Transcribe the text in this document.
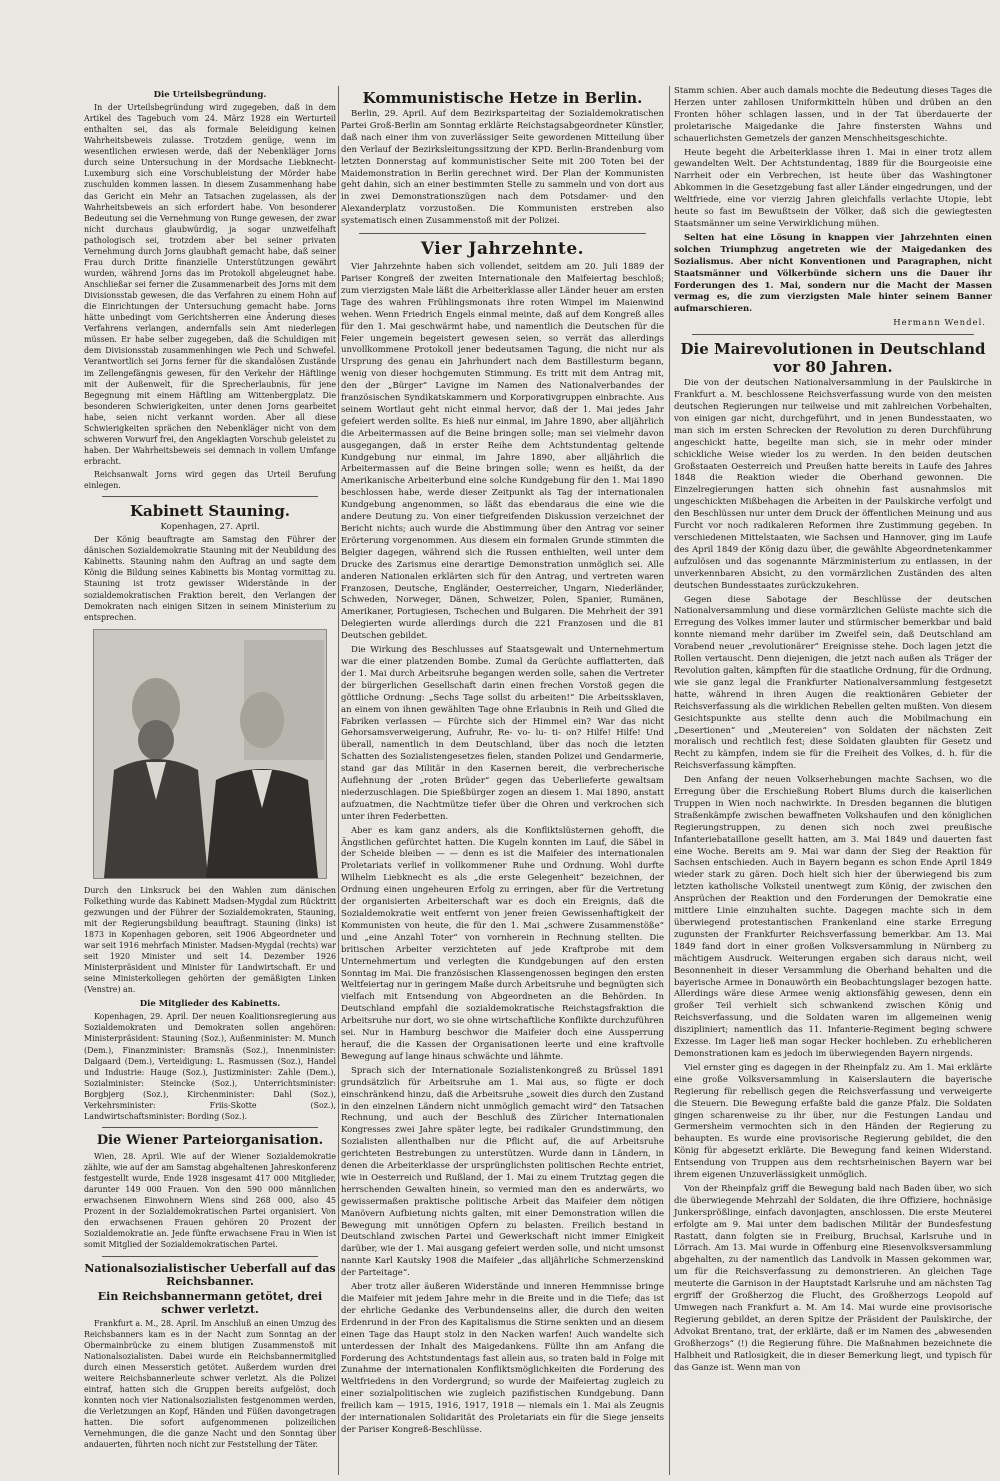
Die Urteilsbegründung.

In der Urteilsbegründung wird zugegeben, daß in dem Artikel des Tagebuch vom 24. März 1928 ein Werturteil enthalten sei, das als formale Beleidigung keinen Wahrheitsbeweis zulasse. Trotzdem genüge, wenn im wesentlichen erwiesen werde, daß der Nebenkläger Jorns durch seine Untersuchung in der Mordsache Liebknecht-Luxemburg sich eine Vorschubleistung der Mörder habe zuschulden kommen lassen. In diesem Zusammenhang habe das Gericht ein Mehr an Tatsachen zugelassen, als der Wahrheitsbeweis an sich erfordert habe. Von besonderer Bedeutung sei die Vernehmung von Runge gewesen, der zwar nicht durchaus glaubwürdig, ja sogar unzweifelhaft pathologisch sei, trotzdem aber bei seiner privaten Vernehmung durch Jorns glaubhaft gemacht habe, daß seiner Frau durch Dritte finanzielle Unterstützungen gewährt wurden, während Jorns das im Protokoll abgeleugnet habe. Anschließar sei ferner die Zusammenarbeit des Jorns mit dem Divisionsstab gewesen, die das Verfahren zu einem Hohn auf die Einrichtungen der Untersuchung gemacht habe. Jorns hätte unbedingt vom Gerichtsherren eine Änderung dieses Verfahrens verlangen, andernfalls sein Amt niederlegen müssen. Er habe selber zugegeben, daß die Schuldigen mit dem Divisionsstab zusammenhingen wie Pech und Schwefel. Verantwortlich sei Jorns ferner für die skandalösen Zustände im Zellengefängnis gewesen, für den Verkehr der Häftlinge mit der Außenwelt, für die Sprecherlaubnis, für jene Begegnung mit einem Häftling am Wittenbergplatz. Die besonderen Schwierigkeiten, unter denen Jorns gearbeitet habe, seien nicht verkannt worden. Aber all diese Schwierigkeiten sprächen den Nebenkläger nicht von dem schweren Vorwurf frei, den Angeklagten Vorschub geleistet zu haben. Der Wahrheitsbeweis sei demnach in vollem Umfange erbracht.

Reichsanwalt Jorns wird gegen das Urteil Berufung einlegen.

Kabinett Stauning.
Kopenhagen, 27. April.

Der König beauftragte am Samstag den Führer der dänischen Sozialdemokratie Stauning mit der Neubildung des Kabinetts. Stauning nahm den Auftrag an und sagte dem König die Bildung seines Kabinetts bis Montag vormittag zu. Stauning ist trotz gewisser Widerstände in der sozialdemokratischen Fraktion bereit, den Verlangen der Demokraten nach einigen Sitzen in seinem Ministerium zu entsprechen.

Durch den Linksruck bei den Wahlen zum dänischen Folkething wurde das Kabinett Madsen-Mygdal zum Rücktritt gezwungen und der Führer der Sozialdemokraten, Stauning, mit der Regierungsbildung beauftragt. Stauning (links) ist 1873 in Kopenhagen geboren, seit 1906 Abgeordneter und war seit 1916 mehrfach Minister. Madsen-Mygdal (rechts) war seit 1920 Minister und seit 14. Dezember 1926 Ministerpräsident und Minister für Landwirtschaft. Er und seine Ministerkollegen gehörten der gemäßigten Linken (Venstre) an.
Die Mitglieder des Kabinetts.

Kopenhagen, 29. April. Der neuen Koalitionsregierung aus Sozialdemokraten und Demokraten sollen angehören: Ministerpräsident: Stauning (Soz.), Außenminister: M. Munch (Dem.), Finanzminister: Bramsnäs (Soz.), Innenminister: Dalgaard (Dem.), Verteidigung: L. Rasmussen (Soz.), Handel und Industrie: Hauge (Soz.), Justizminister: Zahle (Dem.), Sozialminister: Steincke (Soz.), Unterrichtsminister: Borgbjerg (Soz.), Kirchenminister: Dahl (Soz.), Verkehrsminister: Friis-Skotte (Soz.), Landwirtschaftsminister: Bording (Soz.).

Die Wiener Parteiorganisation.

Wien, 28. April. Wie auf der Wiener Sozialdemokratie zählte, wie auf der am Samstag abgehaltenen Jahreskonferenz festgestellt wurde, Ende 1928 insgesamt 417 000 Mitglieder, darunter 149 000 Frauen. Von den 590 000 männlichen erwachsenen Einwohnern Wiens sind 268 000, also 45 Prozent in der Sozialdemokratischen Partei organisiert. Von den erwachsenen Frauen gehören 20 Prozent der Sozialdemokratie an. Jede fünfte erwachsene Frau in Wien ist somit Mitglied der Sozialdemokratischen Partei.

Nationalsozialistischer Ueberfall auf das Reichsbanner.
Ein Reichsbannermann getötet, drei schwer verletzt.

Frankfurt a. M., 28. April. Im Anschluß an einen Umzug des Reichsbanners kam es in der Nacht zum Sonntag an der Obermainbrücke zu einem blutigen Zusammenstoß mit Nationalsozialisten. Dabei wurde ein Reichsbannermitglied durch einen Messerstich getötet. Außerdem wurden drei weitere Reichsbannerleute schwer verletzt. Als die Polizei eintraf, hatten sich die Gruppen bereits aufgelöst, doch konnten noch vier Nationalsozialisten festgenommen werden, die Verletzungen an Kopf, Händen und Füßen davongetragen hatten. Die sofort aufgenommenen polizeilichen Vernehmungen, die die ganze Nacht und den Sonntag über andauerten, führten noch nicht zur Feststellung der Täter.

Kommunistische Hetze in Berlin.

Berlin, 29. April. Auf dem Bezirksparteitag der Sozialdemokratischen Partei Groß-Berlin am Sonntag erklärte Reichstagsabgeordneter Künstler, daß nach einer ihm von zuverlässiger Seite gewordenen Mitteilung über den Verlauf der Bezirksleitungssitzung der KPD. Berlin-Brandenburg vom letzten Donnerstag auf kommunistischer Seite mit 200 Toten bei der Maidemonstration in Berlin gerechnet wird. Der Plan der Kommunisten geht dahin, sich an einer bestimmten Stelle zu sammeln und von dort aus in zwei Demonstrationszügen nach dem Potsdamer- und den Alexanderplatz vorzustoßen. Die Kommunisten erstreben also systematisch einen Zusammenstoß mit der Polizei.

Vier Jahrzehnte.

Vier Jahrzehnte haben sich vollendet, seitdem am 20. Juli 1889 der Pariser Kongreß der zweiten Internationale den Maifeiertag beschloß; zum vierzigsten Male läßt die Arbeiterklasse aller Länder heuer am ersten Tage des wahren Frühlingsmonats ihre roten Wimpel im Maienwind wehen. Wenn Friedrich Engels einmal meinte, daß auf dem Kongreß alles für den 1. Mai geschwärmt habe, und namentlich die Deutschen für die Feier ungemein begeistert gewesen seien, so verrät das allerdings unvollkommene Protokoll jener bedeutsamen Tagung, die nicht nur als Ursprung des genau ein Jahrhundert nach dem Bastillesturm begann, wenig von dieser hochgemuten Stimmung. Es tritt mit dem Antrag mit, den der „Bürger“ Lavigne im Namen des Nationalverbandes der französischen Syndikatskammern und Korporativgruppen einbrachte. Aus seinem Wortlaut geht nicht einmal hervor, daß der 1. Mai jedes Jahr gefeiert werden sollte. Es hieß nur einmal, im Jahre 1890, aber alljährlich die Arbeitermassen auf die Beine bringen solle; man sei vielmehr davon ausgegangen, daß in erster Reihe dem Achtstundentag geltende Kundgebung nur einmal, im Jahre 1890, aber alljährlich die Arbeitermassen auf die Beine bringen solle; wenn es heißt, da der Amerikanische Arbeiterbund eine solche Kundgebung für den 1. Mai 1890 beschlossen habe, werde dieser Zeitpunkt als Tag der internationalen Kundgebung angenommen, so läßt das ebendaraus die eine wie die andere Deutung zu. Von einer tiefgreifenden Diskussion verzeichnet der Bericht nichts; auch wurde die Abstimmung über den Antrag vor seiner Erörterung vorgenommen. Aus diesem ein formalen Grunde stimmten die Belgier dagegen, während sich die Russen enthielten, weil unter dem Drucke des Zarismus eine derartige Demonstration unmöglich sei. Alle anderen Nationalen erklärten sich für den Antrag, und vertreten waren Franzosen, Deutsche, Engländer, Oesterreicher, Ungarn, Niederländer, Schweden, Norweger, Dänen, Schweizer, Polen, Spanier, Rumänen, Amerikaner, Portugiesen, Tschechen und Bulgaren. Die Mehrheit der 391 Delegierten wurde allerdings durch die 221 Franzosen und die 81 Deutschen gebildet.

Die Wirkung des Beschlusses auf Staatsgewalt und Unternehmertum war die einer platzenden Bombe. Zumal da Gerüchte aufflatterten, daß der 1. Mai durch Arbeitsruhe begangen werden solle, sahen die Vertreter der bürgerlichen Gesellschaft darin einen frechen Vorstoß gegen die göttliche Ordnung: „Sechs Tage sollst du arbeiten!“ Die Arbeitssklaven, an einem von ihnen gewählten Tage ohne Erlaubnis in Reih und Glied die Fabriken verlassen — Fürchte sich der Himmel ein? War das nicht Gehorsamsverweigerung, Aufruhr, Re- vo- lu- ti- on? Hilfe! Hilfe! Und überall, namentlich in dem Deutschland, über das noch die letzten Schatten des Sozialistengesetzes fielen, standen Polizei und Gendarmerie, stand gar das Militär in den Kasernen bereit, die verbrecherische Auflehnung der „roten Brüder“ gegen das Ueberlieferte gewaltsam niederzuschlagen. Die Spießbürger zogen an diesem 1. Mai 1890, anstatt aufzuatmen, die Nachtmütze tiefer über die Ohren und verkrochen sich unter ihren Federbetten.

Aber es kam ganz anders, als die Konfliktslüsternen gehofft, die Ängstlichen gefürchtet hatten. Die Kugeln konnten im Lauf, die Säbel in der Scheide bleiben — — denn es ist die Maifeier des internationalen Proletariats verlief in vollkommener Ruhe und Ordnung. Wohl durfte Wilhelm Liebknecht es als „die erste Gelegenheit“ bezeichnen, der Ordnung einen ungeheuren Erfolg zu erringen, aber für die Vertretung der organisierten Arbeiterschaft war es doch ein Ereignis, daß die Sozialdemokratie weit entfernt von jener freien Gewissenhaftigkeit der Kommunisten von heute, die für den 1. Mai „schwere Zusammenstöße“ und „eine Anzahl Toter“ von vornherein in Rechnung stellten. Die britischen Arbeiter verzichteten auf jede Kraftprobe mit dem Unternehmertum und verlegten die Kundgebungen auf den ersten Sonntag im Mai. Die französischen Klassengenossen begingen den ersten Weltfeiertag nur in geringem Maße durch Arbeitsruhe und begnügten sich vielfach mit Entsendung von Abgeordneten an die Behörden. In Deutschland empfahl die sozialdemokratische Reichstagsfraktion die Arbeitsruhe nur dort, wo sie ohne wirtschaftliche Konflikte durchzuführen sei. Nur in Hamburg beschwor die Maifeier doch eine Aussperrung herauf, die die Kassen der Organisationen leerte und eine kraftvolle Bewegung auf lange hinaus schwächte und lähmte.

Sprach sich der Internationale Sozialistenkongreß zu Brüssel 1891 grundsätzlich für Arbeitsruhe am 1. Mai aus, so fügte er doch einschränkend hinzu, daß die Arbeitsruhe „soweit dies durch den Zustand in den einzelnen Ländern nicht unmöglich gemacht wird“ den Tatsachen Rechnung, und auch der Beschluß des Züricher Internationalen Kongresses zwei Jahre später legte, bei radikaler Grundstimmung, den Sozialisten allenthalben nur die Pflicht auf, die auf Arbeitsruhe gerichteten Bestrebungen zu unterstützen. Wurde dann in Ländern, in denen die Arbeiterklasse der ursprünglichsten politischen Rechte entriet, wie in Oesterreich und Rußland, der 1. Mai zu einem Trutztag gegen die herrschenden Gewalten hinein, so vermied man den es anderwärts, wo gewissermaßen praktische politische Arbeit das Maifeier dem nötigen Manövern Aufbietung nichts galten, mit einer Demonstration willen die Bewegung mit unnötigen Opfern zu belasten. Freilich bestand in Deutschland zwischen Partei und Gewerkschaft nicht immer Einigkeit darüber, wie der 1. Mai ausgang gefeiert werden solle, und nicht umsonst nannte Karl Kautsky 1908 die Maifeier „das alljährliche Schmerzenskind der Parteitage“.

Aber trotz aller äußeren Widerstände und inneren Hemmnisse bringe die Maifeier mit jedem Jahre mehr in die Breite und in die Tiefe; das ist der ehrliche Gedanke des Verbundenseins aller, die durch den weiten Erdenrund in der Fron des Kapitalismus die Stirne senkten und an diesem einen Tage das Haupt stolz in den Nacken warfen! Auch wandelte sich unterdessen der Inhalt des Maigedankens. Füllte ihn am Anfang die Forderung des Achtstundentags fast allein aus, so traten bald in Folge mit Zunahme der internationalen Konfliktsmöglichkeiten die Forderung des Weltfriedens in den Vordergrund; so wurde der Maifeiertag zugleich zu einer sozialpolitischen wie zugleich pazifistischen Kundgebung. Dann freilich kam — 1915, 1916, 1917, 1918 — niemals ein 1. Mai als Zeugnis der internationalen Solidarität des Proletariats ein für die Siege jenseits der Pariser Kongreß-Beschlüsse.

Stamm schien. Aber auch damals mochte die Bedeutung dieses Tages die Herzen unter zahllosen Uniformkitteln hüben und drüben an den Fronten höher schlagen lassen, und in der Tat überdauerte der proletarische Maigedanke die Jahre finstersten Wahns und schauerlichsten Gemetzels der ganzen Menschheitsgeschichte.

Heute begeht die Arbeiterklasse ihren 1. Mai in einer trotz allem gewandelten Welt. Der Achtstundentag, 1889 für die Bourgeoisie eine Narrheit oder ein Verbrechen, ist heute über das Washingtoner Abkommen in die Gesetzgebung fast aller Länder eingedrungen, und der Weltfriede, eine vor vierzig Jahren gleichfalls verlachte Utopie, lebt heute so fast im Bewußtsein der Völker, daß sich die gewiegtesten Staatsmänner um seine Verwirklichung mühen.

Selten hat eine Lösung in knappen vier Jahrzehnten einen solchen Triumphzug angetreten wie der Maigedanken des Sozialismus. Aber nicht Konventionen und Paragraphen, nicht Staatsmänner und Völkerbünde sichern uns die Dauer ihr Forderungen des 1. Mai, sondern nur die Macht der Massen vermag es, die zum vierzigsten Male hinter seinem Banner aufmarschieren.

Hermann Wendel.
Die Mairevolutionen in Deutschland vor 80 Jahren.

Die von der deutschen Nationalversammlung in der Paulskirche in Frankfurt a. M. beschlossene Reichsverfassung wurde von den meisten deutschen Regierungen nur teilweise und mit zahlreichen Vorbehalten, von einigen gar nicht, durchgeführt, und in jenen Bundesstaaten, wo man sich im ersten Schrecken der Revolution zu deren Durchführung angeschickt hatte, begeilte man sich, sie in mehr oder minder schickliche Weise wieder los zu werden. In den beiden deutschen Großstaaten Oesterreich und Preußen hatte bereits in Laufe des Jahres 1848 die Reaktion wieder die Oberhand gewonnen. Die Einzelregierungen hatten sich ohnehin fast ausnahmslos mit ungeschickten Mißbehagen die Arbeiten in der Paulskirche verfolgt und den Beschlüssen nur unter dem Druck der öffentlichen Meinung und aus Furcht vor noch radikaleren Reformen ihre Zustimmung gegeben. In verschiedenen Mittelstaaten, wie Sachsen und Hannover, ging im Laufe des April 1849 der König dazu über, die gewählte Abgeordnetenkammer aufzulösen und das sogenannte Märzministerium zu entlassen, in der unverkennbaren Absicht, zu den vormärzlichen Zuständen des alten deutschen Bundesstaates zurückzukehren.

Gegen diese Sabotage der Beschlüsse der deutschen Nationalversammlung und diese vormärzlichen Gelüste machte sich die Erregung des Volkes immer lauter und stürmischer bemerkbar und bald konnte niemand mehr darüber im Zweifel sein, daß Deutschland am Vorabend neuer „revolutionärer“ Ereignisse stehe. Doch lagen jetzt die Rollen vertauscht. Denn diejenigen, die jetzt nach außen als Träger der Revolution galten, kämpften für die staatliche Ordnung, für die Ordnung, wie sie ganz legal die Frankfurter Nationalversammlung festgesetzt hatte, während in ihren Augen die reaktionären Gebieter der Reichsverfassung als die wirklichen Rebellen gelten mußten. Von diesem Gesichtspunkte aus stellte denn auch die Mobilmachung ein „Desertionen“ und „Meutereien“ von Soldaten der nächsten Zeit moralisch und rechtlich fest; diese Soldaten glaubten für Gesetz und Recht zu kämpfen, indem sie für die Freiheit des Volkes, d. h. für die Reichsverfassung kämpften.

Den Anfang der neuen Volkserhebungen machte Sachsen, wo die Erregung über die Erschießung Robert Blums durch die kaiserlichen Truppen in Wien noch nachwirkte. In Dresden begannen die blutigen Straßenkämpfe zwischen bewaffneten Volkshaufen und den königlichen Regierungstruppen, zu denen sich noch zwei preußische Infanteriebataillone gesellt hatten, am 3. Mai 1849 und dauerten fast eine Woche. Bereits am 9. Mai war dann der Sieg der Reaktion für Sachsen entschieden. Auch in Bayern begann es schon Ende April 1849 wieder stark zu gären. Doch hielt sich hier der überwiegend bis zum letzten katholische Volksteil unentwegt zum König, der zwischen den Ansprüchen der Reaktion und den Forderungen der Demokratie eine mittlere Linie einzuhalten suchte. Dagegen machte sich in dem überwiegend protestantischen Frankenland eine starke Erregung zugunsten der Frankfurter Reichsverfassung bemerkbar. Am 13. Mai 1849 fand dort in einer großen Volksversammlung in Nürnberg zu mächtigem Ausdruck. Weiterungen ergaben sich daraus nicht, weil Besonnenheit in dieser Versammlung die Oberhand behalten und die bayerische Armee in Donauwörth ein Beobachtungslager bezogen hatte. Allerdings wäre diese Armee wenig aktionsfähig gewesen, denn ein großer Teil verhielt sich schwankend zwischen König und Reichsverfassung, und die Soldaten waren im allgemeinen wenig diszipliniert; namentlich das 11. Infanterie-Regiment beging schwere Exzesse. Im Lager ließ man sogar Hecker hochleben. Zu erheblicheren Demonstrationen kam es jedoch im überwiegenden Bayern nirgends.

Viel ernster ging es dagegen in der Rheinpfalz zu. Am 1. Mai erklärte eine große Volksversammlung in Kaiserslautern die bayerische Regierung für rebellisch gegen die Reichsverfassung und verweigerte die Steuern. Die Bewegung erfaßte bald die ganze Pfalz. Die Soldaten gingen scharenweise zu ihr über, nur die Festungen Landau und Germersheim vermochten sich in den Händen der Regierung zu behaupten. Es wurde eine provisorische Regierung gebildet, die den König für abgesetzt erklärte. Die Bewegung fand keinen Widerstand. Entsendung von Truppen aus dem rechtsrheinischen Bayern war bei ihrem eigenen Unzuverlässigkeit unmöglich.

Von der Rheinpfalz griff die Bewegung bald nach Baden über, wo sich die überwiegende Mehrzahl der Soldaten, die ihre Offiziere, hochnäsige Junkersprößlinge, einfach davonjagten, anschlossen. Die erste Meuterei erfolgte am 9. Mai unter dem badischen Militär der Bundesfestung Rastatt, dann folgten sie in Freiburg, Bruchsal, Karlsruhe und in Lörrach. Am 13. Mai wurde in Offenburg eine Riesenvolksversammlung abgehalten, zu der namentlich das Landvolk in Massen gekommen war, um für die Reichsverfassung zu demonstrieren. An gleichen Tage meuterte die Garnison in der Hauptstadt Karlsruhe und am nächsten Tag ergriff der Großherzog die Flucht, des Großherzogs Leopold auf Umwegen nach Frankfurt a. M. Am 14. Mai wurde eine provisorische Regierung gebildet, an deren Spitze der Präsident der Paulskirche, der Advokat Brentano, trat, der erklärte, daß er im Namen des „abwesenden Großherzogs“ (!) die Regierung führe. Die Maßnahmen bezeichnete die Halbheit und Ratlosigkeit, die in dieser Bemerkung liegt, und typisch für das Ganze ist. Wenn man von
